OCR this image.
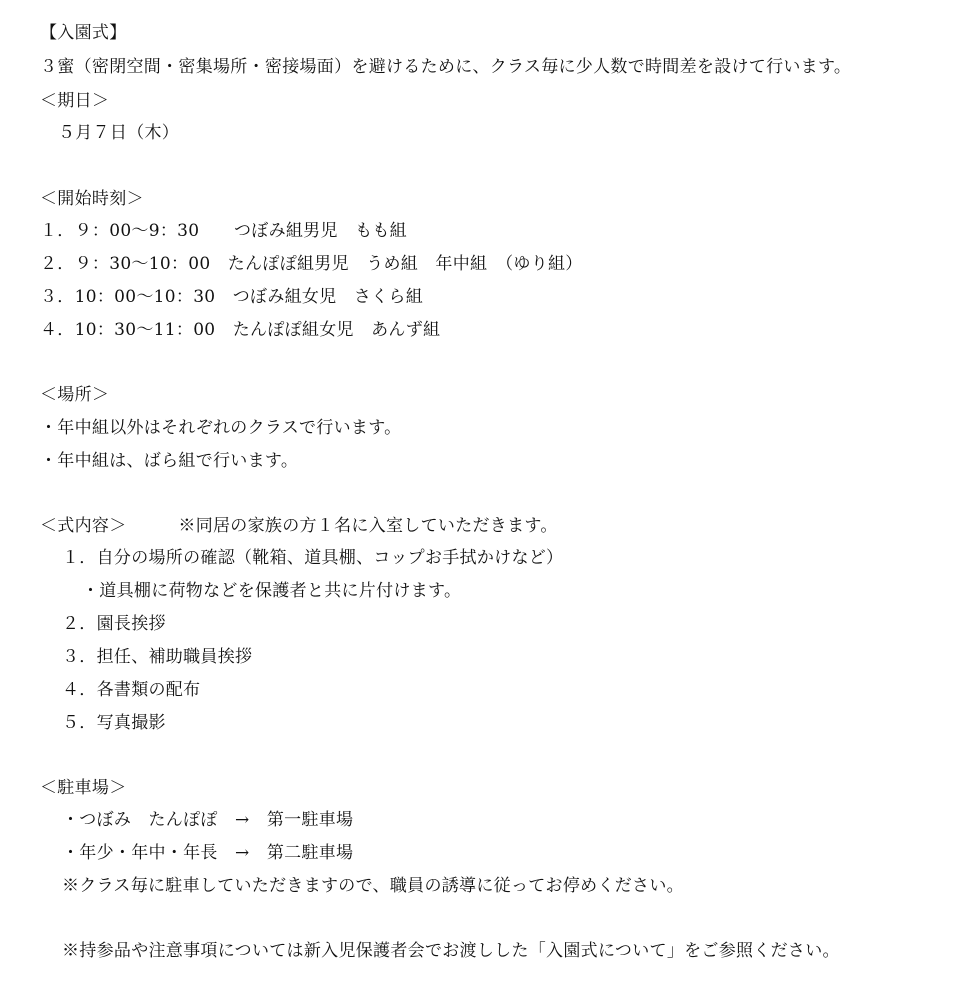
【入園式】
３蜜（密閉空間・密集場所・密接場面）を避けるために、クラス毎に少人数で時間差を設けて行います。
＜期日＞
５月７日（木）
＜開始時刻＞
１．９：00～9：30　　つぼみ組男児　もも組
２．９：30～10：00　たんぽぽ組男児　うめ組　年中組　（ゆり組）
３．10：00～10：30　つぼみ組女児　さくら組
４．10：30～11：00　たんぽぽ組女児　あんず組
＜場所＞
・年中組以外はそれぞれのクラスで行います。
・年中組は、ばら組で行います。
＜式内容＞　　　※同居の家族の方１名に入室していただきます。
１．自分の場所の確認（靴箱、道具棚、コップお手拭かけなど）
・道具棚に荷物などを保護者と共に片付けます。
２．園長挨拶
３．担任、補助職員挨拶
４．各書類の配布
５．写真撮影
＜駐車場＞
・つぼみ　たんぽぽ　→　第一駐車場
・年少・年中・年長　→　第二駐車場
※クラス毎に駐車していただきますので、職員の誘導に従ってお停めください。
※持参品や注意事項については新入児保護者会でお渡しした「入園式について」をご参照ください。
